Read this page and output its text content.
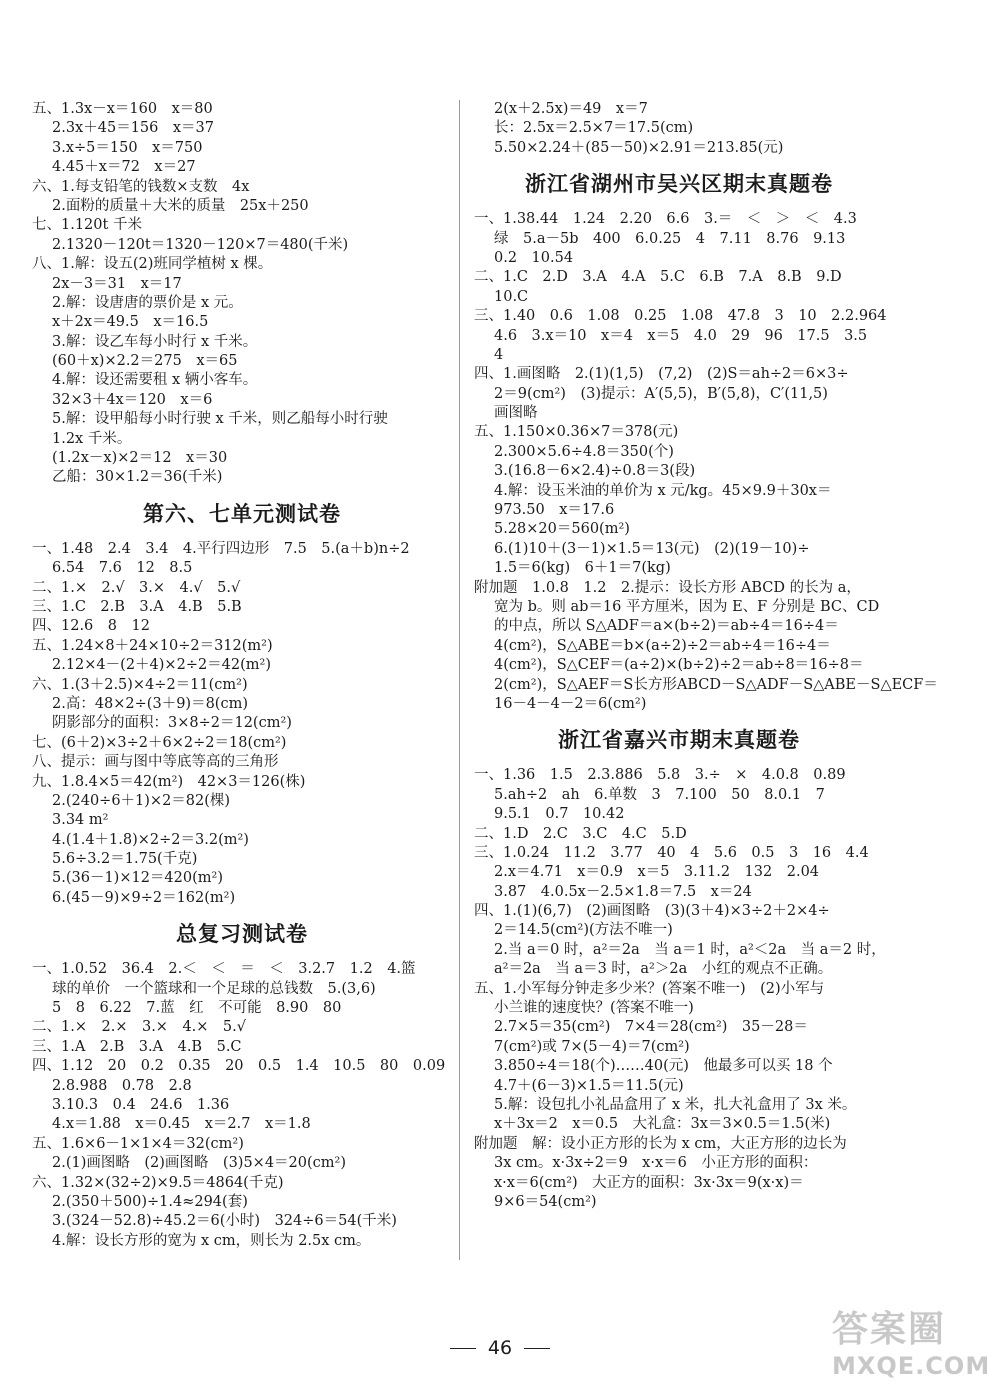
五、1.3x－x＝160　x＝80
2.3x＋45＝156　x＝37
3.x÷5＝150　x＝750
4.45＋x＝72　x＝27
六、1.每支铅笔的钱数×支数　4x
2.面粉的质量＋大米的质量　25x＋250
七、1.120t 千米
2.1320－120t＝1320－120×7＝480(千米)
八、1.解：设五(2)班同学植树 x 棵。
2x－3＝31　x＝17
2.解：设唐唐的票价是 x 元。
x＋2x＝49.5　x＝16.5
3.解：设乙车每小时行 x 千米。
(60＋x)×2.2＝275　x＝65
4.解：设还需要租 x 辆小客车。
32×3＋4x＝120　x＝6
5.解：设甲船每小时行驶 x 千米，则乙船每小时行驶
1.2x 千米。
(1.2x－x)×2＝12　x＝30
乙船：30×1.2＝36(千米)
第六、七单元测试卷
一、1.48　2.4　3.4　4.平行四边形　7.5　5.(a＋b)n÷2
6.54　7.6　12　8.5
二、1.×　2.√　3.×　4.√　5.√
三、1.C　2.B　3.A　4.B　5.B
四、12.6　8　12
五、1.24×8＋24×10÷2＝312(m²)
2.12×4－(2＋4)×2÷2＝42(m²)
六、1.(3＋2.5)×4÷2＝11(cm²)
2.高：48×2÷(3＋9)＝8(cm)
阴影部分的面积：3×8÷2＝12(cm²)
七、(6＋2)×3÷2＋6×2÷2＝18(cm²)
八、提示：画与图中等底等高的三角形
九、1.8.4×5＝42(m²)　42×3＝126(株)
2.(240÷6＋1)×2＝82(棵)
3.34 m²
4.(1.4＋1.8)×2÷2＝3.2(m²)
5.6÷3.2＝1.75(千克)
5.(36－1)×12＝420(m²)
6.(45－9)×9÷2＝162(m²)
总复习测试卷
一、1.0.52　36.4　2.＜　＜　＝　＜　3.2.7　1.2　4.篮
球的单价　一个篮球和一个足球的总钱数　5.(3,6)
5　8　6.22　7.蓝　红　不可能　8.90　80
二、1.×　2.×　3.×　4.×　5.√
三、1.A　2.B　3.A　4.B　5.C
四、1.12　20　0.2　0.35　20　0.5　1.4　10.5　80　0.09
2.8.988　0.78　2.8
3.10.3　0.4　24.6　1.36
4.x＝1.88　x＝0.45　x＝2.7　x＝1.8
五、1.6×6－1×1×4＝32(cm²)
2.(1)画图略　(2)画图略　(3)5×4＝20(cm²)
六、1.32×(32÷2)×9.5＝4864(千克)
2.(350＋500)÷1.4≈294(套)
3.(324－52.8)÷45.2＝6(小时)　324÷6＝54(千米)
4.解：设长方形的宽为 x cm，则长为 2.5x cm。
2(x＋2.5x)＝49　x＝7
长：2.5x＝2.5×7＝17.5(cm)
5.50×2.24＋(85－50)×2.91＝213.85(元)
浙江省湖州市吴兴区期末真题卷
一、1.38.44　1.24　2.20　6.6　3.＝　＜　＞　＜　4.3
绿　5.a－5b　400　6.0.25　4　7.11　8.76　9.13
0.2　10.54
二、1.C　2.D　3.A　4.A　5.C　6.B　7.A　8.B　9.D
10.C
三、1.40　0.6　1.08　0.25　1.08　47.8　3　10　2.2.964
4.6　3.x＝10　x＝4　x＝5　4.0　29　96　17.5　3.5
4
四、1.画图略　2.(1)(1,5)　(7,2)　(2)S＝ah÷2＝6×3÷
2＝9(cm²)　(3)提示：A′(5,5)，B′(5,8)，C′(11,5)
画图略
五、1.150×0.36×7＝378(元)
2.300×5.6÷4.8＝350(个)
3.(16.8－6×2.4)÷0.8＝3(段)
4.解：设玉米油的单价为 x 元/kg。45×9.9＋30x＝
973.50　x＝17.6
5.28×20＝560(m²)
6.(1)10＋(3－1)×1.5＝13(元)　(2)(19－10)÷
1.5＝6(kg)　6＋1＝7(kg)
附加题　1.0.8　1.2　2.提示：设长方形 ABCD 的长为 a，
宽为 b。则 ab＝16 平方厘米，因为 E、F 分别是 BC、CD
的中点，所以 S△ADF＝a×(b÷2)＝ab÷4＝16÷4＝
4(cm²)，S△ABE＝b×(a÷2)÷2＝ab÷4＝16÷4＝
4(cm²)，S△CEF＝(a÷2)×(b÷2)÷2＝ab÷8＝16÷8＝
2(cm²)，S△AEF＝S长方形ABCD－S△ADF－S△ABE－S△ECF＝
16－4－4－2＝6(cm²)
浙江省嘉兴市期末真题卷
一、1.36　1.5　2.3.886　5.8　3.÷　×　4.0.8　0.89
5.ah÷2　ah　6.单数　3　7.100　50　8.0.1　7
9.5.1　0.7　10.42
二、1.D　2.C　3.C　4.C　5.D
三、1.0.24　11.2　3.77　40　4　5.6　0.5　3　16　4.4
2.x＝4.71　x＝0.9　x＝5　3.11.2　132　2.04
3.87　4.0.5x－2.5×1.8＝7.5　x＝24
四、1.(1)(6,7)　(2)画图略　(3)(3＋4)×3÷2＋2×4÷
2＝14.5(cm²)(方法不唯一)
2.当 a＝0 时，a²＝2a　当 a＝1 时，a²＜2a　当 a＝2 时，
a²＝2a　当 a＝3 时，a²＞2a　小红的观点不正确。
五、1.小军每分钟走多少米？(答案不唯一)　(2)小军与
小兰谁的速度快？(答案不唯一)
2.7×5＝35(cm²)　7×4＝28(cm²)　35－28＝
7(cm²)或 7×(5－4)＝7(cm²)
3.850÷4＝18(个)……40(元)　他最多可以买 18 个
4.7＋(6－3)×1.5＝11.5(元)
5.解：设包扎小礼品盒用了 x 米，扎大礼盒用了 3x 米。
x＋3x＝2　x＝0.5　大礼盒：3x＝3×0.5＝1.5(米)
附加题　解：设小正方形的长为 x cm，大正方形的边长为
3x cm。x·3x÷2＝9　x·x＝6　小正方形的面积：
x·x＝6(cm²)　大正方的面积：3x·3x＝9(x·x)＝
9×6＝54(cm²)
46	答案圈
MXQE.COM
